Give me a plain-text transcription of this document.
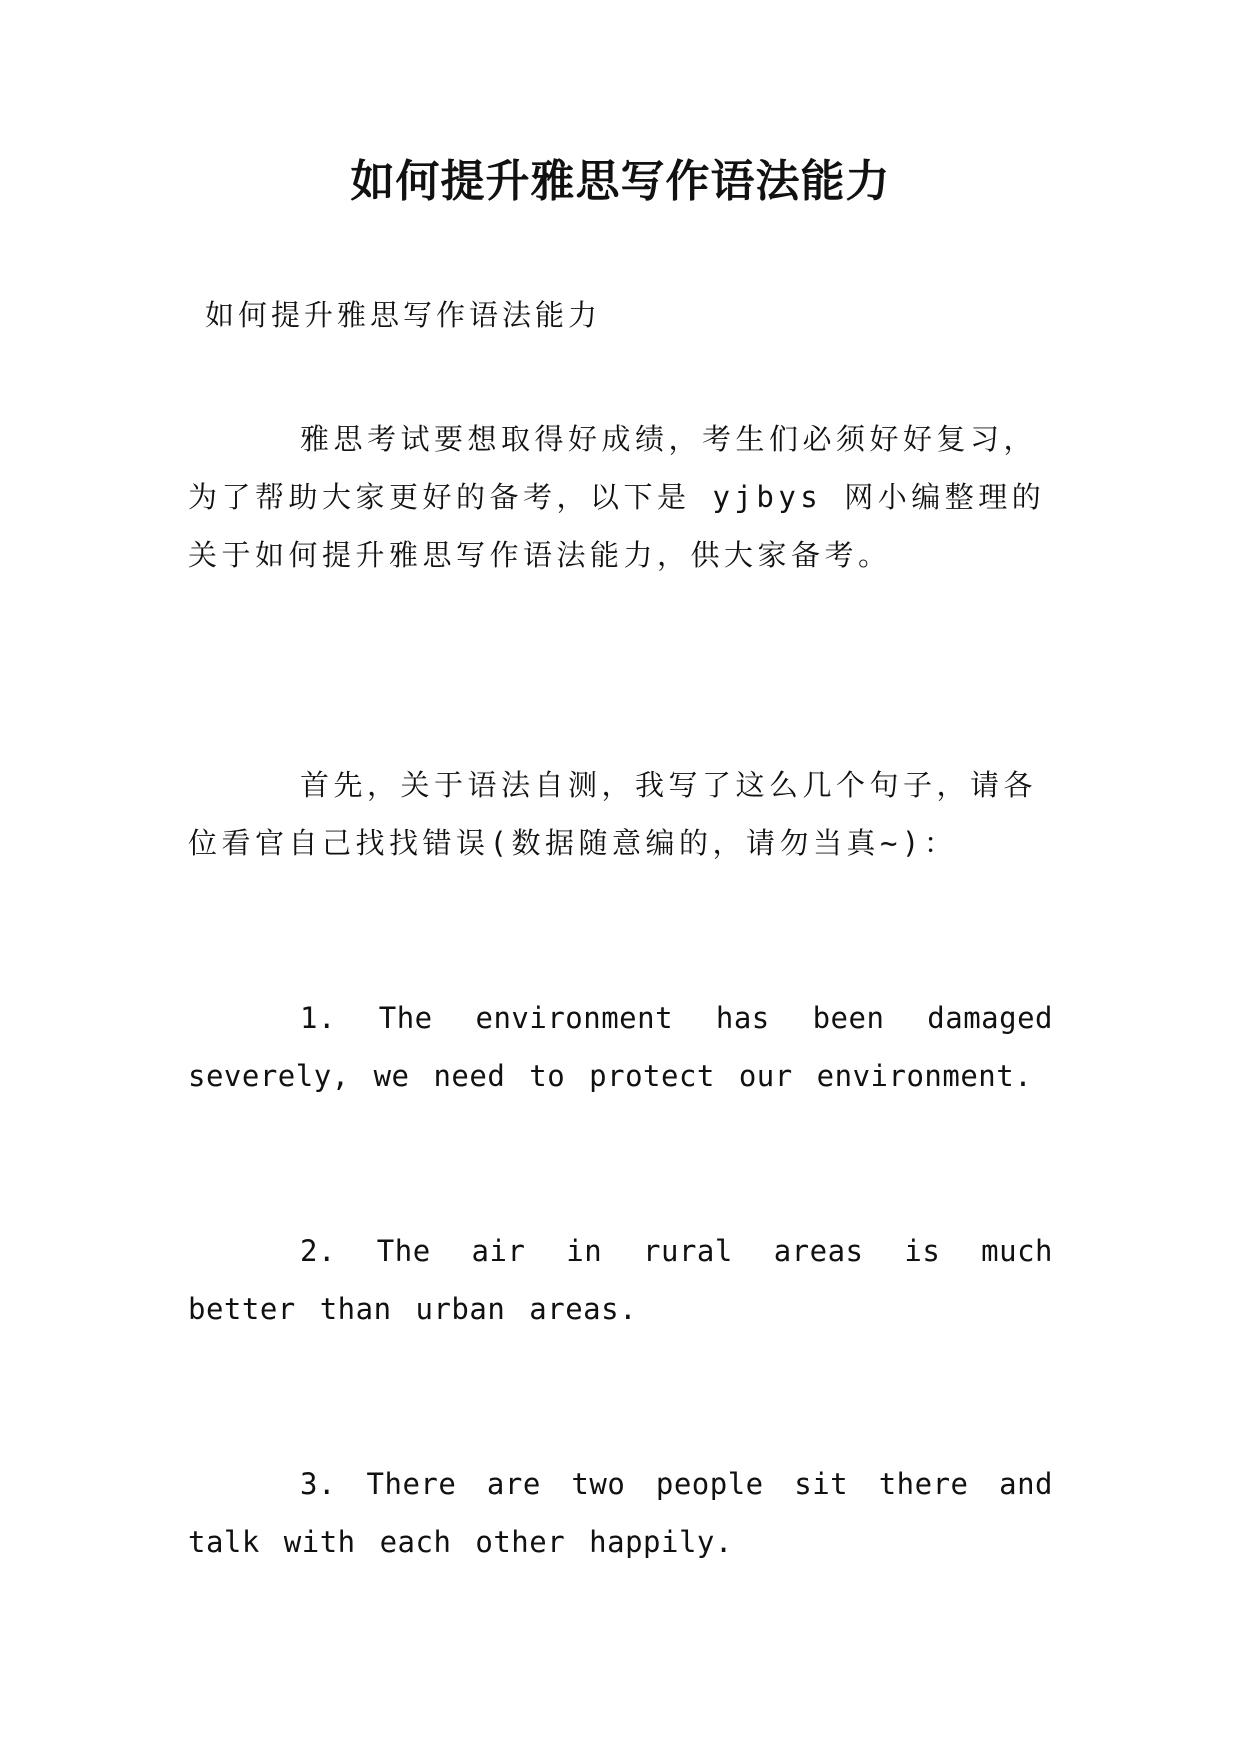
如何提升雅思写作语法能力

如何提升雅思写作语法能力

雅思考试要想取得好成绩，考生们必须好好复习，为了帮助大家更好的备考，以下是 yjbys 网小编整理的关于如何提升雅思写作语法能力，供大家备考。

首先，关于语法自测，我写了这么几个句子，请各位看官自己找找错误(数据随意编的，请勿当真~)：

1. The environment has been damaged severely, we need to protect our environment.

2. The air in rural areas is much better than urban areas.

3. There are two people sit there and talk with each other happily.
